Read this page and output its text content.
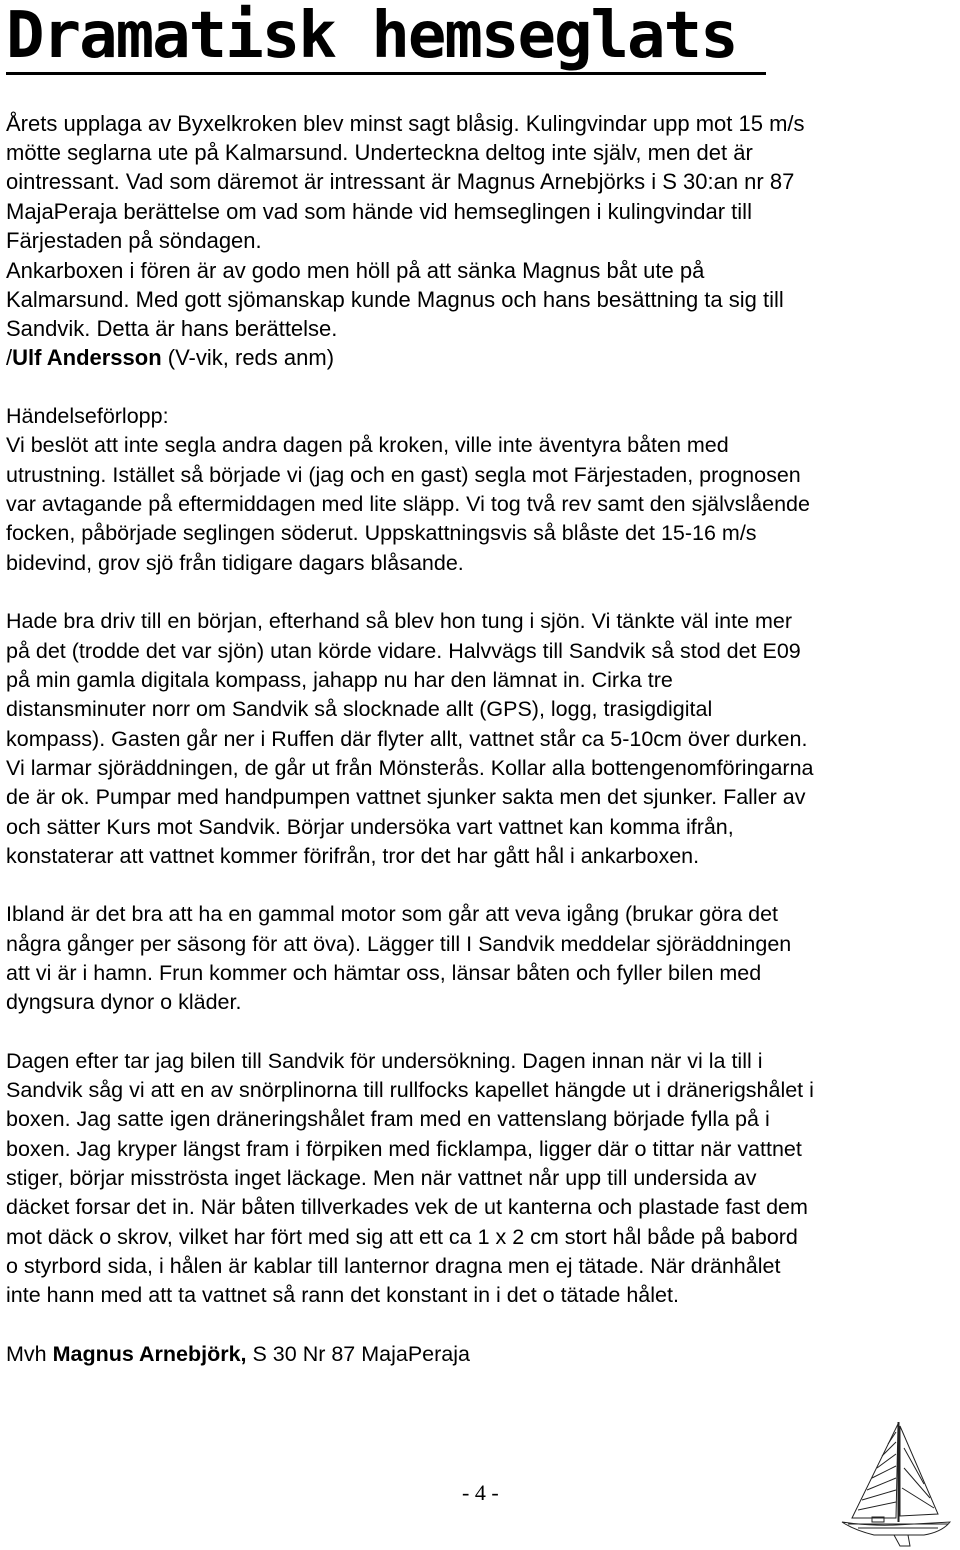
Dramatisk hemseglats
Årets upplaga av Byxelkroken blev minst sagt blåsig. Kulingvindar upp mot 15 m/s
mötte seglarna ute på Kalmarsund. Underteckna deltog inte själv, men det är
ointressant. Vad som däremot är intressant är Magnus Arnebjörks i S 30:an nr 87
MajaPeraja berättelse om vad som hände vid hemseglingen i kulingvindar till
Färjestaden på söndagen.
Ankarboxen i fören är av godo men höll på att sänka Magnus båt ute på
Kalmarsund. Med gott sjömanskap kunde Magnus och hans besättning ta sig till
Sandvik. Detta är hans berättelse.
/Ulf Andersson (V-vik, reds anm)
Händelseförlopp:
Vi beslöt att inte segla andra dagen på kroken, ville inte äventyra båten med
utrustning. Istället så började vi (jag och en gast) segla mot Färjestaden, prognosen
var avtagande på eftermiddagen med lite släpp. Vi tog två rev samt den självslående
focken, påbörjade seglingen söderut. Uppskattningsvis så blåste det 15-16 m/s
bidevind, grov sjö från tidigare dagars blåsande.
Hade bra driv till en början, efterhand så blev hon tung i sjön. Vi tänkte väl inte mer
på det (trodde det var sjön) utan körde vidare. Halvvägs till Sandvik så stod det E09
på min gamla digitala kompass, jahapp nu har den lämnat in. Cirka tre
distansminuter norr om Sandvik så slocknade allt (GPS), logg, trasigdigital
kompass). Gasten går ner i Ruffen där flyter allt, vattnet står ca 5-10cm över durken.
Vi larmar sjöräddningen, de går ut från Mönsterås. Kollar alla bottengenomföringarna
de är ok. Pumpar med handpumpen vattnet sjunker sakta men det sjunker. Faller av
och sätter Kurs mot Sandvik. Börjar undersöka vart vattnet kan komma ifrån,
konstaterar att vattnet kommer förifrån, tror det har gått hål i ankarboxen.
Ibland är det bra att ha en gammal motor som går att veva igång (brukar göra det
några gånger per säsong för att öva). Lägger till I Sandvik meddelar sjöräddningen
att vi är i hamn. Frun kommer och hämtar oss, länsar båten och fyller bilen med
dyngsura dynor o kläder.
Dagen efter tar jag bilen till Sandvik för undersökning. Dagen innan när vi la till i
Sandvik såg vi att en av snörplinorna till rullfocks kapellet hängde ut i dränerigshålet i
boxen. Jag satte igen dräneringshålet fram med en vattenslang började fylla på i
boxen. Jag kryper längst fram i förpiken med ficklampa, ligger där o tittar när vattnet
stiger, börjar misströsta inget läckage. Men när vattnet når upp till undersida av
däcket forsar det in. När båten tillverkades vek de ut kanterna och plastade fast dem
mot däck o skrov, vilket har fört med sig att ett ca 1 x 2 cm stort hål både på babord
o styrbord sida, i hålen är kablar till lanternor dragna men ej tätade. När dränhålet
inte hann med att ta vattnet så rann det konstant in i det o tätade hålet.
Mvh Magnus Arnebjörk, S 30 Nr 87 MajaPeraja
- 4 -
